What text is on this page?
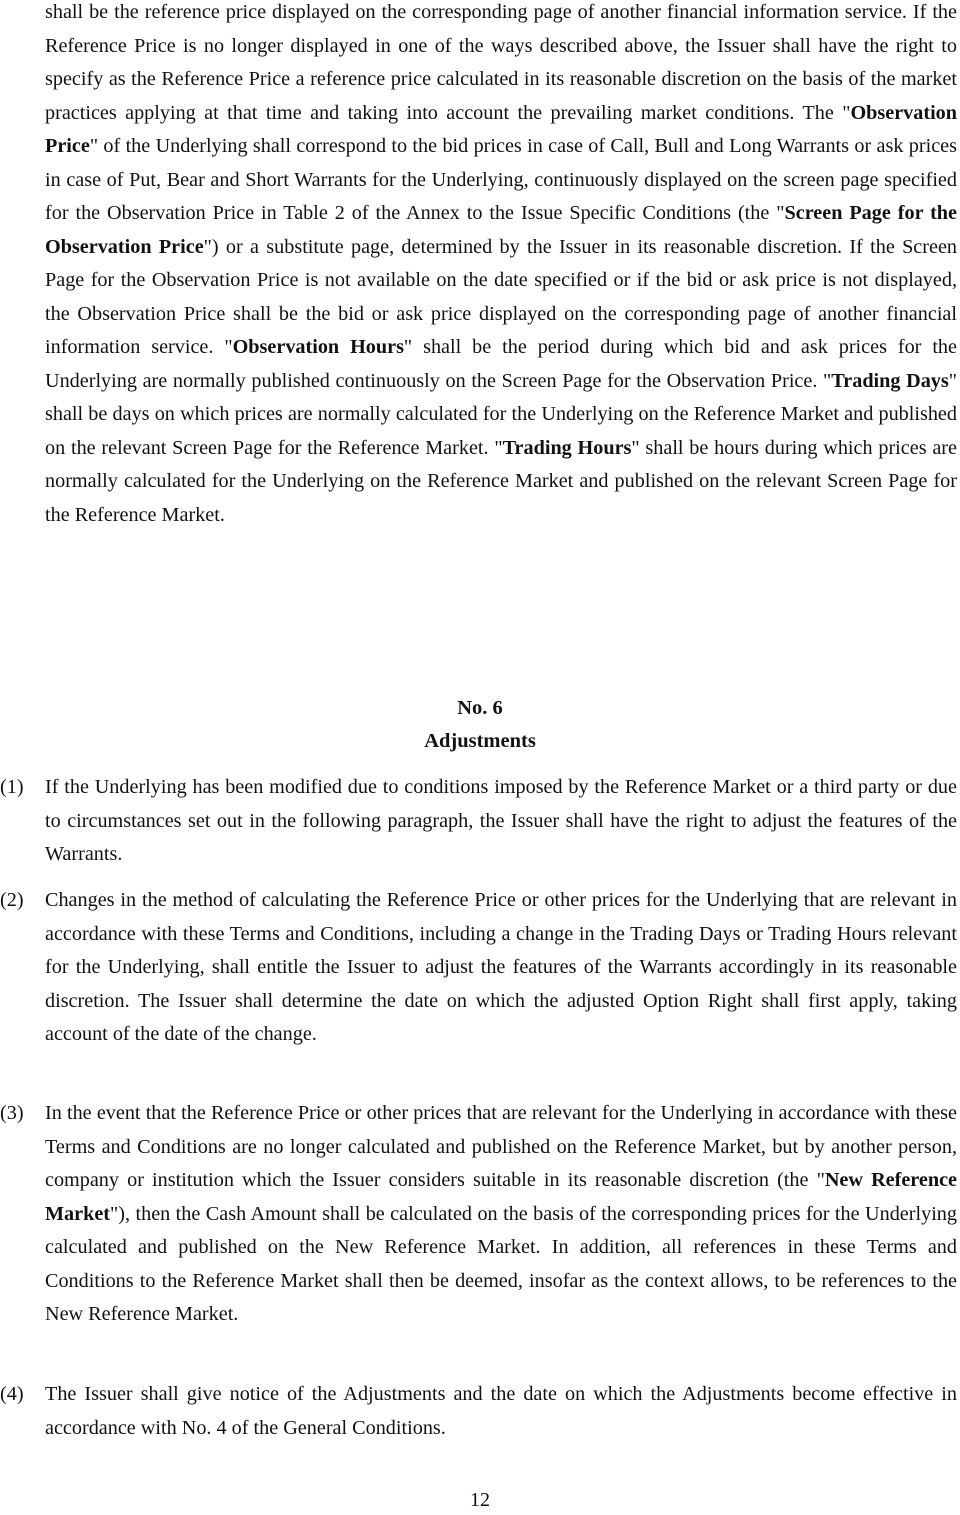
shall be the reference price displayed on the corresponding page of another financial information service. If the Reference Price is no longer displayed in one of the ways described above, the Issuer shall have the right to specify as the Reference Price a reference price calculated in its reasonable discretion on the basis of the market practices applying at that time and taking into account the prevailing market conditions. The "Observation Price" of the Underlying shall correspond to the bid prices in case of Call, Bull and Long Warrants or ask prices in case of Put, Bear and Short Warrants for the Underlying, continuously displayed on the screen page specified for the Observation Price in Table 2 of the Annex to the Issue Specific Conditions (the "Screen Page for the Observation Price") or a substitute page, determined by the Issuer in its reasonable discretion. If the Screen Page for the Observation Price is not available on the date specified or if the bid or ask price is not displayed, the Observation Price shall be the bid or ask price displayed on the corresponding page of another financial information service. "Observation Hours" shall be the period during which bid and ask prices for the Underlying are normally published continuously on the Screen Page for the Observation Price. "Trading Days" shall be days on which prices are normally calculated for the Underlying on the Reference Market and published on the relevant Screen Page for the Reference Market. "Trading Hours" shall be hours during which prices are normally calculated for the Underlying on the Reference Market and published on the relevant Screen Page for the Reference Market.

No. 6

Adjustments

(1)	If the Underlying has been modified due to conditions imposed by the Reference Market or a third party or due to circumstances set out in the following paragraph, the Issuer shall have the right to adjust the features of the Warrants.

(2)	Changes in the method of calculating the Reference Price or other prices for the Underlying that are relevant in accordance with these Terms and Conditions, including a change in the Trading Days or Trading Hours relevant for the Underlying, shall entitle the Issuer to adjust the features of the Warrants accordingly in its reasonable discretion. The Issuer shall determine the date on which the adjusted Option Right shall first apply, taking account of the date of the change.

(3)	In the event that the Reference Price or other prices that are relevant for the Underlying in accordance with these Terms and Conditions are no longer calculated and published on the Reference Market, but by another person, company or institution which the Issuer considers suitable in its reasonable discretion (the "New Reference Market"), then the Cash Amount shall be calculated on the basis of the corresponding prices for the Underlying calculated and published on the New Reference Market. In addition, all references in these Terms and Conditions to the Reference Market shall then be deemed, insofar as the context allows, to be references to the New Reference Market.

(4)	The Issuer shall give notice of the Adjustments and the date on which the Adjustments become effective in accordance with No. 4 of the General Conditions.

12
